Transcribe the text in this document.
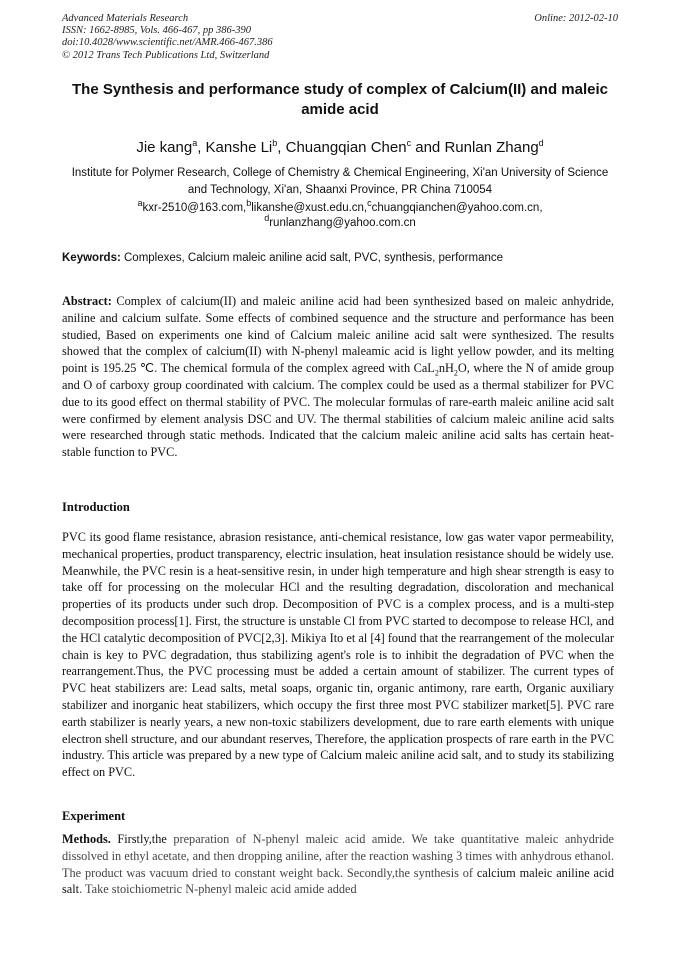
Advanced Materials Research
ISSN: 1662-8985, Vols. 466-467, pp 386-390
doi:10.4028/www.scientific.net/AMR.466-467.386
© 2012 Trans Tech Publications Ltd, Switzerland
Online: 2012-02-10
The Synthesis and performance study of complex of Calcium(II) and maleic amide acid
Jie kang$^a$, Kanshe Li$^b$, Chuangqian Chen$^c$ and Runlan Zhang$^d$
Institute for Polymer Research, College of Chemistry & Chemical Engineering, Xi'an University of Science and Technology, Xi'an, Shaanxi Province, PR China 710054
$^a$kxr-2510@163.com,$^b$likanshe@xust.edu.cn,$^c$chuangqianchen@yahoo.com.cn,
$^d$runlanzhang@yahoo.com.cn
Keywords: Complexes, Calcium maleic aniline acid salt, PVC, synthesis, performance
Abstract: Complex of calcium(II) and maleic aniline acid had been synthesized based on maleic anhydride, aniline and calcium sulfate. Some effects of combined sequence and the structure and performance has been studied, Based on experiments one kind of Calcium maleic aniline acid salt were synthesized. The results showed that the complex of calcium(II) with N-phenyl maleamic acid is light yellow powder, and its melting point is 195.25 ℃. The chemical formula of the complex agreed with $CaL_2nH_2O$, where the N of amide group and O of carboxy group coordinated with calcium. The complex could be used as a thermal stabilizer for PVC due to its good effect on thermal stability of PVC. The molecular formulas of rare-earth maleic aniline acid salt were confirmed by element analysis DSC and UV. The thermal stabilities of calcium maleic aniline acid salts were researched through static methods. Indicated that the calcium maleic aniline acid salts has certain heat-stable function to PVC.
Introduction
PVC its good flame resistance, abrasion resistance, anti-chemical resistance, low gas water vapor permeability, mechanical properties, product transparency, electric insulation, heat insulation resistance should be widely use. Meanwhile, the PVC resin is a heat-sensitive resin, in under high temperature and high shear strength is easy to take off for processing on the molecular HCl and the resulting degradation, discoloration and mechanical properties of its products under such drop. Decomposition of PVC is a complex process, and is a multi-step decomposition process[1]. First, the structure is unstable Cl from PVC started to decompose to release HCl, and the HCl catalytic decomposition of PVC[2,3]. Mikiya Ito et al [4] found that the rearrangement of the molecular chain is key to PVC degradation, thus stabilizing agent's role is to inhibit the degradation of PVC when the rearrangement.Thus, the PVC processing must be added a certain amount of stabilizer. The current types of PVC heat stabilizers are: Lead salts, metal soaps, organic tin, organic antimony, rare earth, Organic auxiliary stabilizer and inorganic heat stabilizers, which occupy the first three most PVC stabilizer market[5]. PVC rare earth stabilizer is nearly years, a new non-toxic stabilizers development, due to rare earth elements with unique electron shell structure, and our abundant reserves, Therefore, the application prospects of rare earth in the PVC industry. This article was prepared by a new type of Calcium maleic aniline acid salt, and to study its stabilizing effect on PVC.
Experiment
Methods. Firstly,the preparation of N-phenyl maleic acid amide. We take quantitative maleic anhydride dissolved in ethyl acetate, and then dropping aniline, after the reaction washing 3 times with anhydrous ethanol. The product was vacuum dried to constant weight back. Secondly,the synthesis of calcium maleic aniline acid salt. Take stoichiometric N-phenyl maleic acid amide added
